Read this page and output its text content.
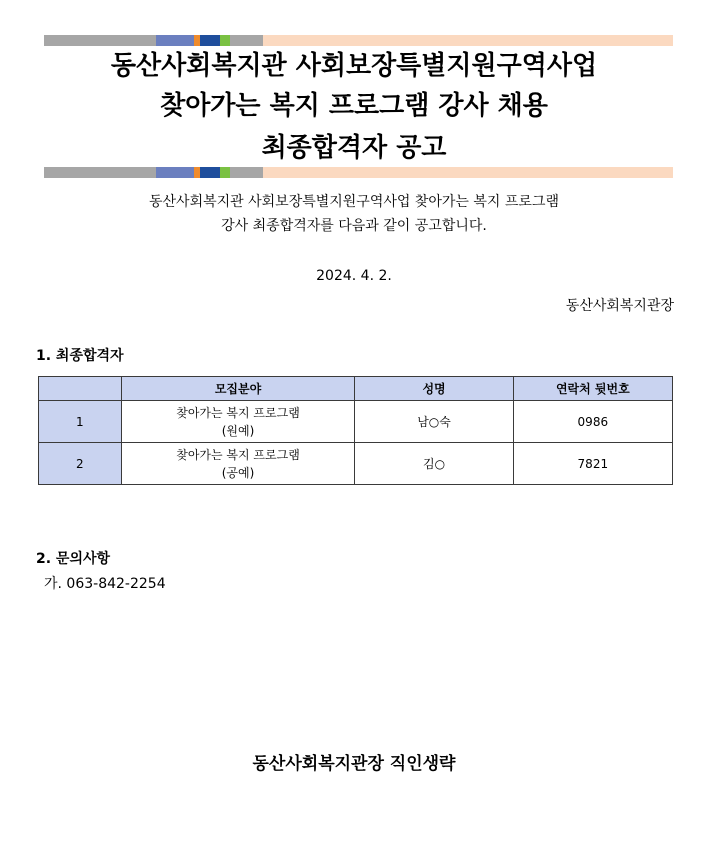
동산사회복지관 사회보장특별지원구역사업
찾아가는 복지 프로그램 강사 채용
최종합격자 공고
동산사회복지관 사회보장특별지원구역사업 찾아가는 복지 프로그램
강사 최종합격자를 다음과 같이 공고합니다.

2024. 4. 2.

동산사회복지관장

1. 최종합격자

	모집분야	성명	연락처 뒷번호
1	찾아가는 복지 프로그램
(원예)	남○숙	0986
2	찾아가는 복지 프로그램
(공예)	김○	7821

2. 문의사항

가. 063-842-2254

동산사회복지관장 직인생략
